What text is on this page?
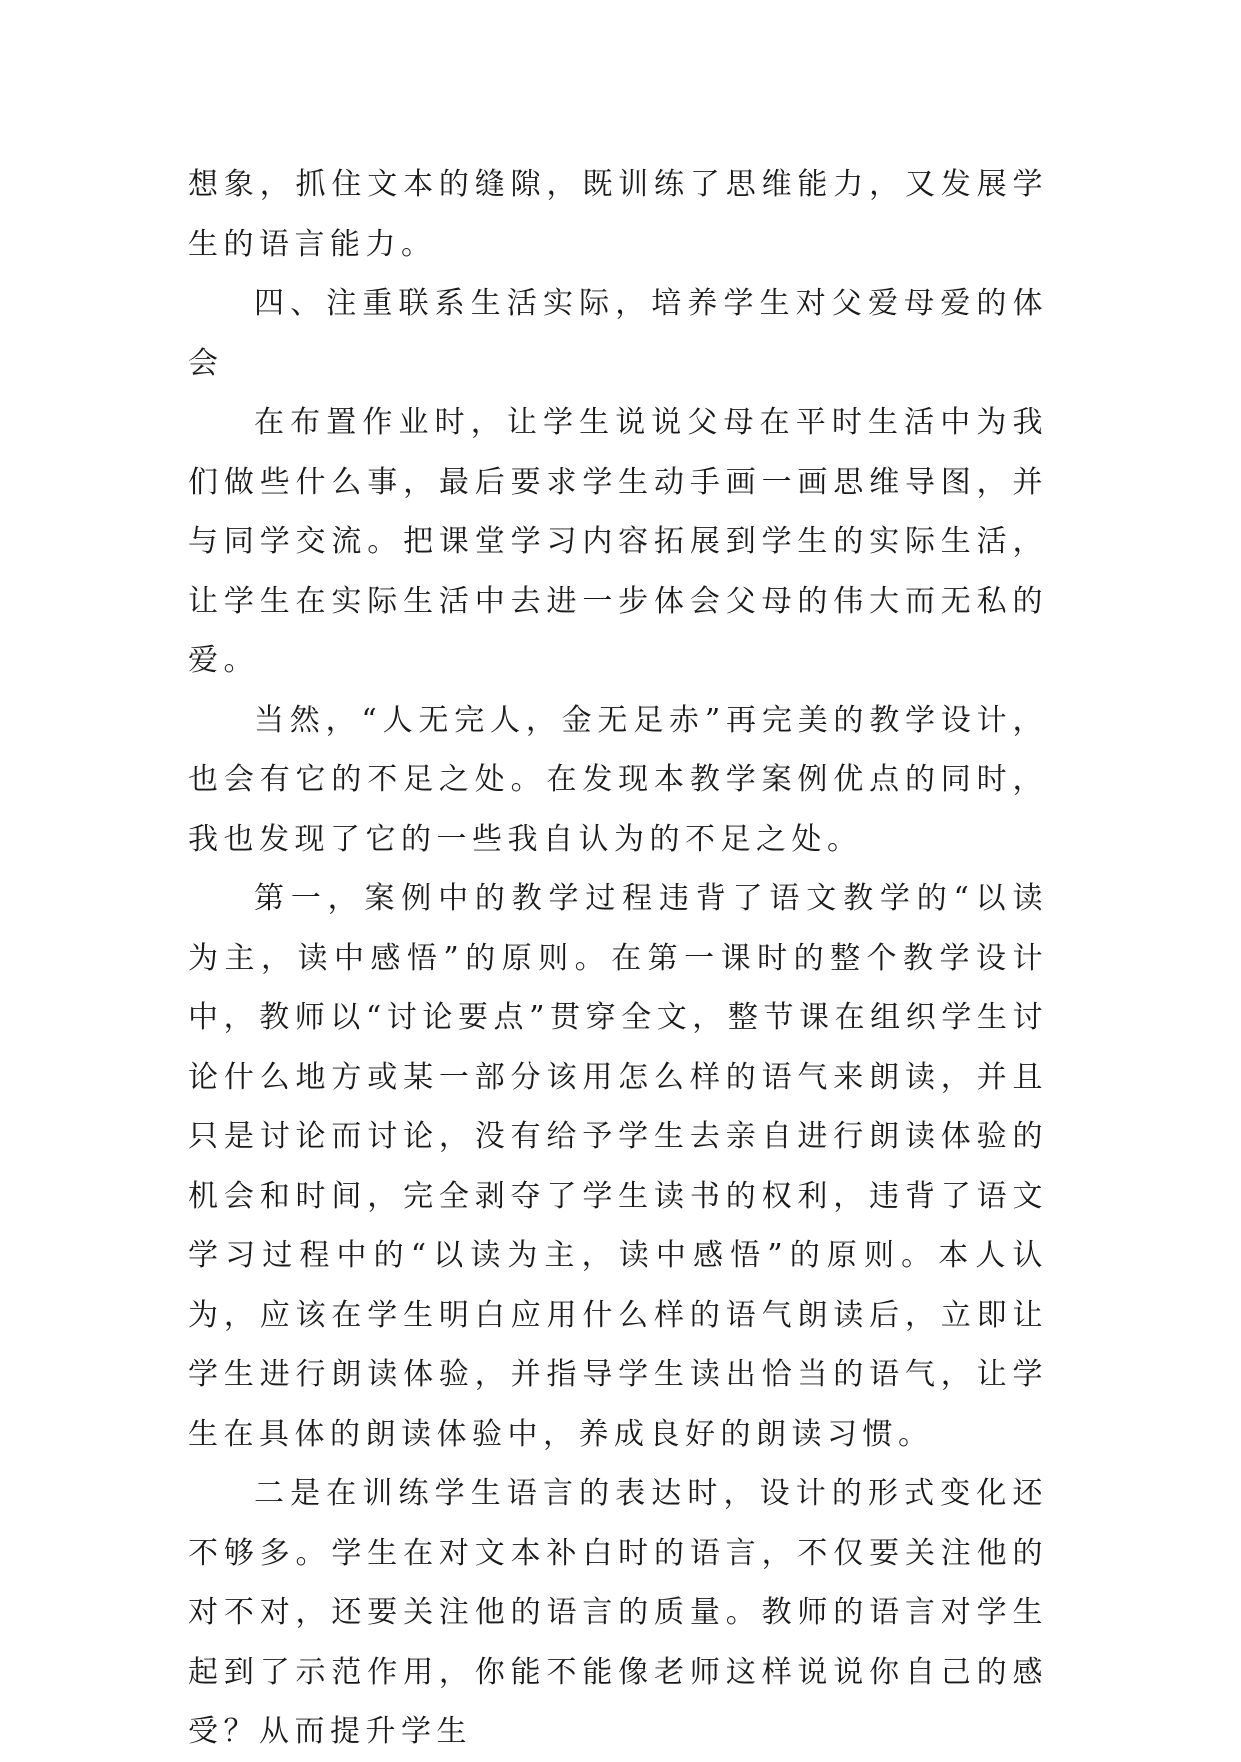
想象，抓住文本的缝隙，既训练了思维能力，又发展学生的语言能力。

四、注重联系生活实际，培养学生对父爱母爱的体会

在布置作业时，让学生说说父母在平时生活中为我们做些什么事，最后要求学生动手画一画思维导图，并与同学交流。把课堂学习内容拓展到学生的实际生活，让学生在实际生活中去进一步体会父母的伟大而无私的爱。

当然，“人无完人，金无足赤”再完美的教学设计，也会有它的不足之处。在发现本教学案例优点的同时，我也发现了它的一些我自认为的不足之处。

第一，案例中的教学过程违背了语文教学的“以读为主，读中感悟”的原则。在第一课时的整个教学设计中，教师以“讨论要点”贯穿全文，整节课在组织学生讨论什么地方或某一部分该用怎么样的语气来朗读，并且只是讨论而讨论，没有给予学生去亲自进行朗读体验的机会和时间，完全剥夺了学生读书的权利，违背了语文学习过程中的“以读为主，读中感悟”的原则。本人认为，应该在学生明白应用什么样的语气朗读后，立即让学生进行朗读体验，并指导学生读出恰当的语气，让学生在具体的朗读体验中，养成良好的朗读习惯。

二是在训练学生语言的表达时，设计的形式变化还不够多。学生在对文本补白时的语言，不仅要关注他的对不对，还要关注他的语言的质量。教师的语言对学生起到了示范作用，你能不能像老师这样说说你自己的感受？从而提升学生
